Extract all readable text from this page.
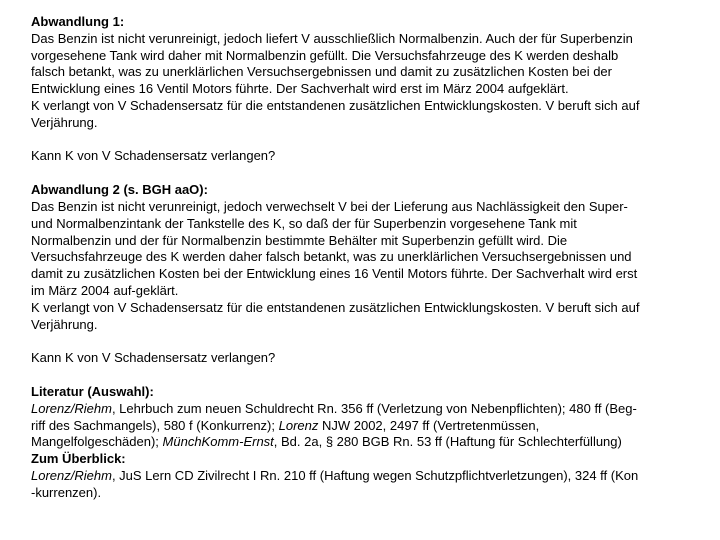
Abwandlung 1:
Das Benzin ist nicht verunreinigt, jedoch liefert V ausschließlich Normalbenzin. Auch der für Superbenzin
vorgesehene Tank wird daher mit Normalbenzin gefüllt. Die Versuchsfahrzeuge des K werden deshalb
falsch betankt, was zu unerklärlichen Versuchsergebnissen und damit zu zusätzlichen Kosten bei der
Entwicklung eines 16 Ventil Motors führte. Der Sachverhalt wird erst im März 2004 aufgeklärt.
K verlangt von V Schadensersatz für die entstandenen zusätzlichen Entwicklungskosten. V beruft sich auf
Verjährung.
Kann K von V Schadensersatz verlangen?
Abwandlung 2 (s. BGH aaO):
Das Benzin ist nicht verunreinigt, jedoch verwechselt V bei der Lieferung aus Nachlässigkeit den Super-
und Normalbenzintank der Tankstelle des K, so daß der für Superbenzin vorgesehene Tank mit
Normalbenzin und der für Normalbenzin bestimmte Behälter mit Superbenzin gefüllt wird. Die
Versuchsfahrzeuge des K werden daher falsch betankt, was zu unerklärlichen Versuchsergebnissen und
damit zu zusätzlichen Kosten bei der Entwicklung eines 16 Ventil Motors führte. Der Sachverhalt wird erst
im März 2004 auf-geklärt.
K verlangt von V Schadensersatz für die entstandenen zusätzlichen Entwicklungskosten. V beruft sich auf
Verjährung.
Kann K von V Schadensersatz verlangen?
Literatur (Auswahl):
Lorenz/Riehm, Lehrbuch zum neuen Schuldrecht Rn. 356 ff (Verletzung von Nebenpflichten); 480 ff (Beg-
riff des Sachmangels), 580 f (Konkurrenz); Lorenz NJW 2002, 2497 ff (Vertretenmüssen,
Mangelfolgeschäden); MünchKomm-Ernst, Bd. 2a, § 280 BGB Rn. 53 ff (Haftung für Schlechterfüllung)
Zum Überblick:
Lorenz/Riehm, JuS Lern CD Zivilrecht I Rn. 210 ff (Haftung wegen Schutzpflichtverletzungen), 324 ff (Kon
-kurrenzen).
